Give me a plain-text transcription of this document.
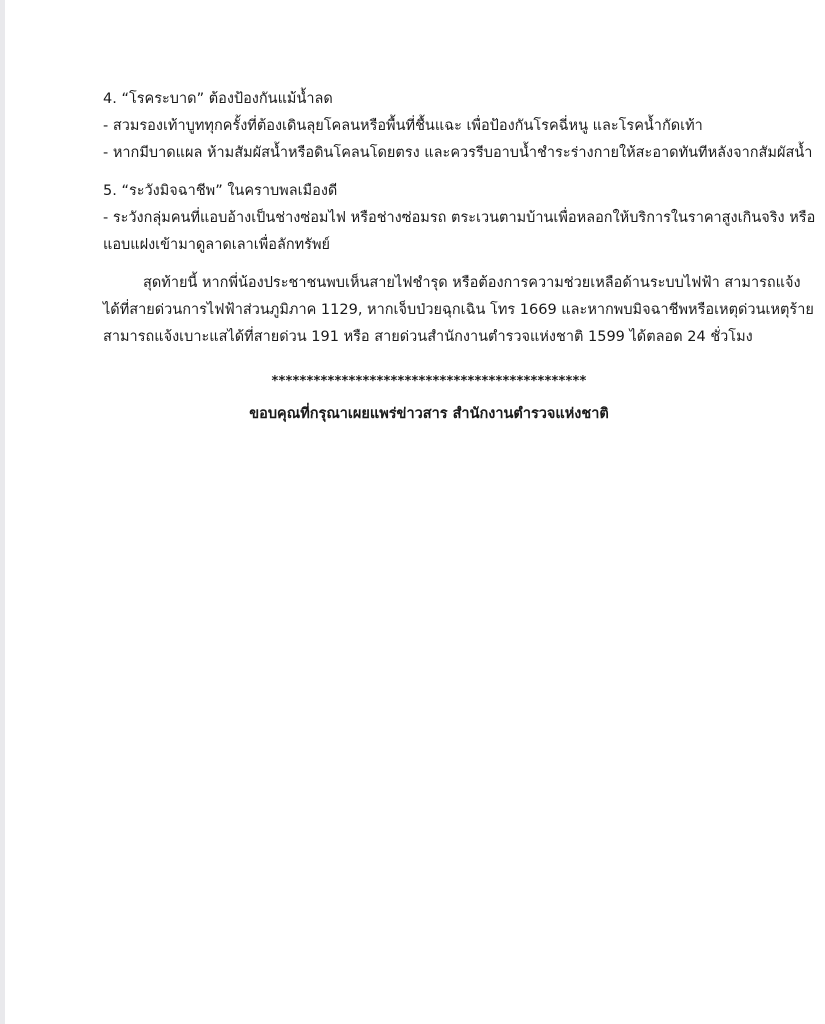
4. “โรคระบาด” ต้องป้องกันแม้น้ำลด

- สวมรองเท้าบูททุกครั้งที่ต้องเดินลุยโคลนหรือพื้นที่ชื้นแฉะ เพื่อป้องกันโรคฉี่หนู และโรคน้ำกัดเท้า

- หากมีบาดแผล ห้ามสัมผัสน้ำหรือดินโคลนโดยตรง และควรรีบอาบน้ำชำระร่างกายให้สะอาดทันทีหลังจากสัมผัสน้ำ

5. “ระวังมิจฉาชีพ” ในคราบพลเมืองดี

- ระวังกลุ่มคนที่แอบอ้างเป็นช่างซ่อมไฟ หรือช่างซ่อมรถ ตระเวนตามบ้านเพื่อหลอกให้บริการในราคาสูงเกินจริง หรือ

แอบแฝงเข้ามาดูลาดเลาเพื่อลักทรัพย์

สุดท้ายนี้ หากพี่น้องประชาชนพบเห็นสายไฟชำรุด หรือต้องการความช่วยเหลือด้านระบบไฟฟ้า สามารถแจ้ง

ได้ที่สายด่วนการไฟฟ้าส่วนภูมิภาค 1129, หากเจ็บป่วยฉุกเฉิน โทร 1669 และหากพบมิจฉาชีพหรือเหตุด่วนเหตุร้าย

สามารถแจ้งเบาะแสได้ที่สายด่วน 191 หรือ สายด่วนสำนักงานตำรวจแห่งชาติ 1599 ได้ตลอด 24 ชั่วโมง

*********************************************

ขอบคุณที่กรุณาเผยแพร่ข่าวสาร สำนักงานตำรวจแห่งชาติ
